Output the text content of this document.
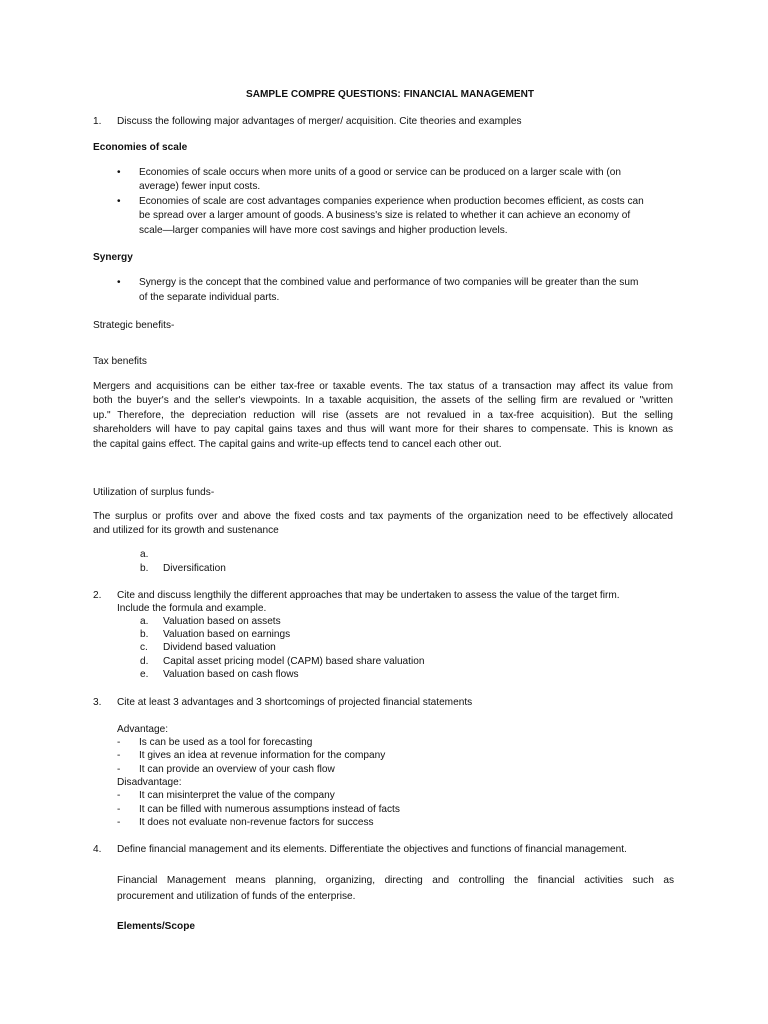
SAMPLE COMPRE QUESTIONS: FINANCIAL MANAGEMENT
1. Discuss the following major advantages of merger/ acquisition. Cite theories and examples
Economies of scale
• Economies of scale occurs when more units of a good or service can be produced on a larger scale with (on
average) fewer input costs.
• Economies of scale are cost advantages companies experience when production becomes efficient, as costs can
be spread over a larger amount of goods. A business's size is related to whether it can achieve an economy of
scale—larger companies will have more cost savings and higher production levels.
Synergy
• Synergy is the concept that the combined value and performance of two companies will be greater than the sum
of the separate individual parts.
Strategic benefits-
Tax benefits
Mergers and acquisitions can be either tax-free or taxable events. The tax status of a transaction may affect its value from
both the buyer's and the seller's viewpoints. In a taxable acquisition, the assets of the selling firm are revalued or "written
up." Therefore, the depreciation reduction will rise (assets are not revalued in a tax-free acquisition). But the selling
shareholders will have to pay capital gains taxes and thus will want more for their shares to compensate. This is known as
the capital gains effect. The capital gains and write-up effects tend to cancel each other out.
Utilization of surplus funds-
The surplus or profits over and above the fixed costs and tax payments of the organization need to be effectively allocated
and utilized for its growth and sustenance
a.
b. Diversification
2. Cite and discuss lengthily the different approaches that may be undertaken to assess the value of the target firm.
Include the formula and example.
a. Valuation based on assets
b. Valuation based on earnings
c. Dividend based valuation
d. Capital asset pricing model (CAPM) based share valuation
e. Valuation based on cash flows
3. Cite at least 3 advantages and 3 shortcomings of projected financial statements
Advantage:
- Is can be used as a tool for forecasting
- It gives an idea at revenue information for the company
- It can provide an overview of your cash flow
Disadvantage:
- It can misinterpret the value of the company
- It can be filled with numerous assumptions instead of facts
- It does not evaluate non-revenue factors for success
4. Define financial management and its elements. Differentiate the objectives and functions of financial management.
Financial Management means planning, organizing, directing and controlling the financial activities such as
procurement and utilization of funds of the enterprise.
Elements/Scope
